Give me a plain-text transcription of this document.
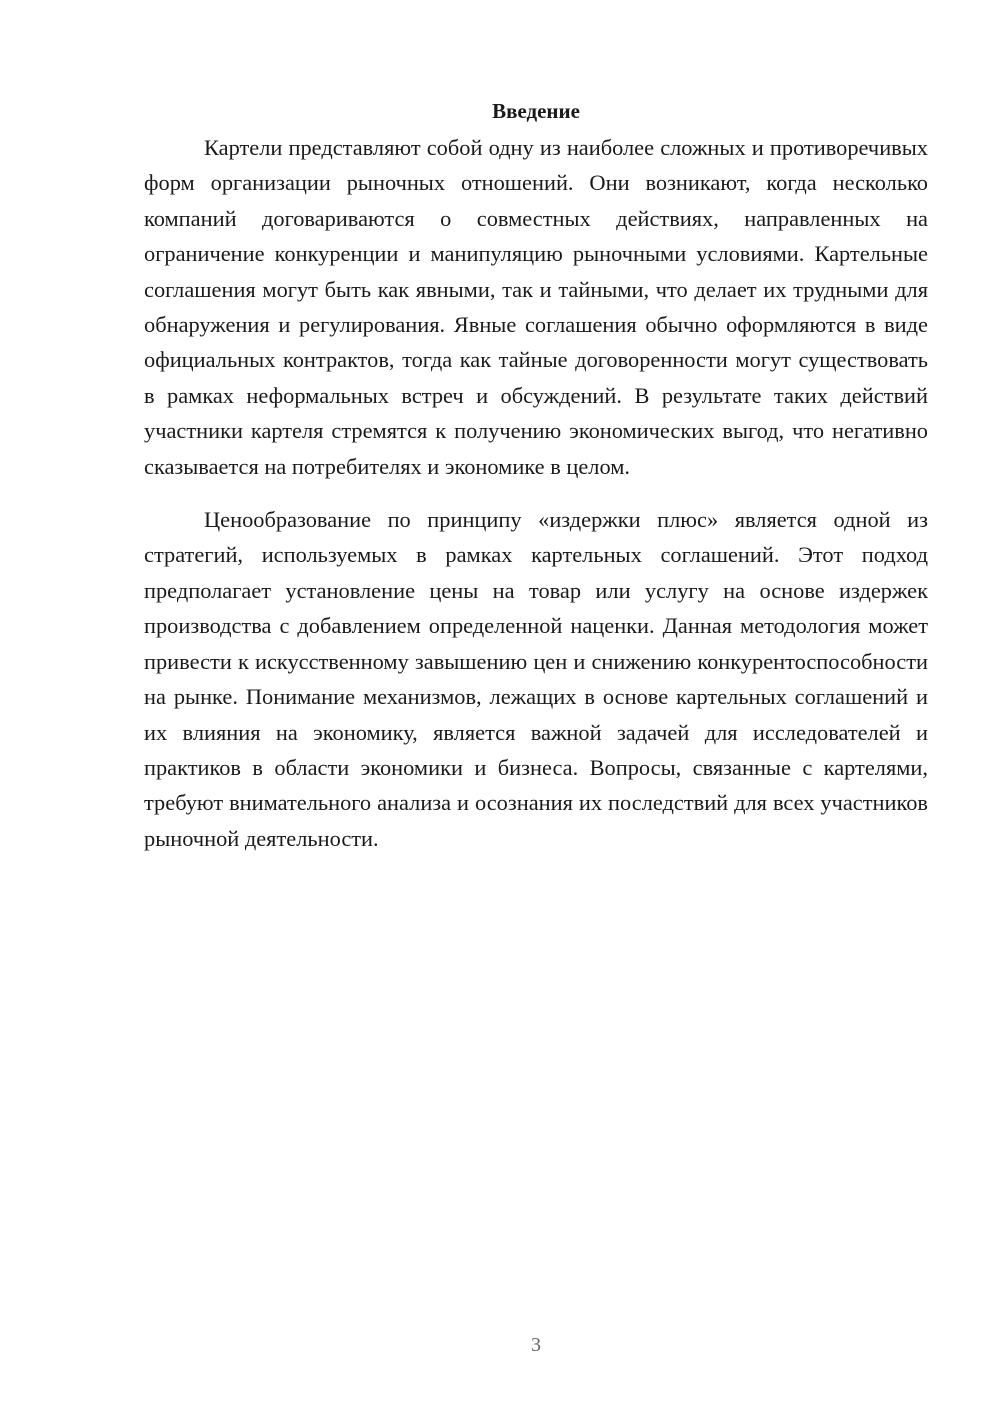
Введение

Картели представляют собой одну из наиболее сложных и противоречивых форм организации рыночных отношений. Они возникают, когда несколько компаний договариваются о совместных действиях, направленных на ограничение конкуренции и манипуляцию рыночными условиями. Картельные соглашения могут быть как явными, так и тайными, что делает их трудными для обнаружения и регулирования. Явные соглашения обычно оформляются в виде официальных контрактов, тогда как тайные договоренности могут существовать в рамках неформальных встреч и обсуждений. В результате таких действий участники картеля стремятся к получению экономических выгод, что негативно сказывается на потребителях и экономике в целом.

Ценообразование по принципу «издержки плюс» является одной из стратегий, используемых в рамках картельных соглашений. Этот подход предполагает установление цены на товар или услугу на основе издержек производства с добавлением определенной наценки. Данная методология может привести к искусственному завышению цен и снижению конкурентоспособности на рынке. Понимание механизмов, лежащих в основе картельных соглашений и их влияния на экономику, является важной задачей для исследователей и практиков в области экономики и бизнеса. Вопросы, связанные с картелями, требуют внимательного анализа и осознания их последствий для всех участников рыночной деятельности.

3
